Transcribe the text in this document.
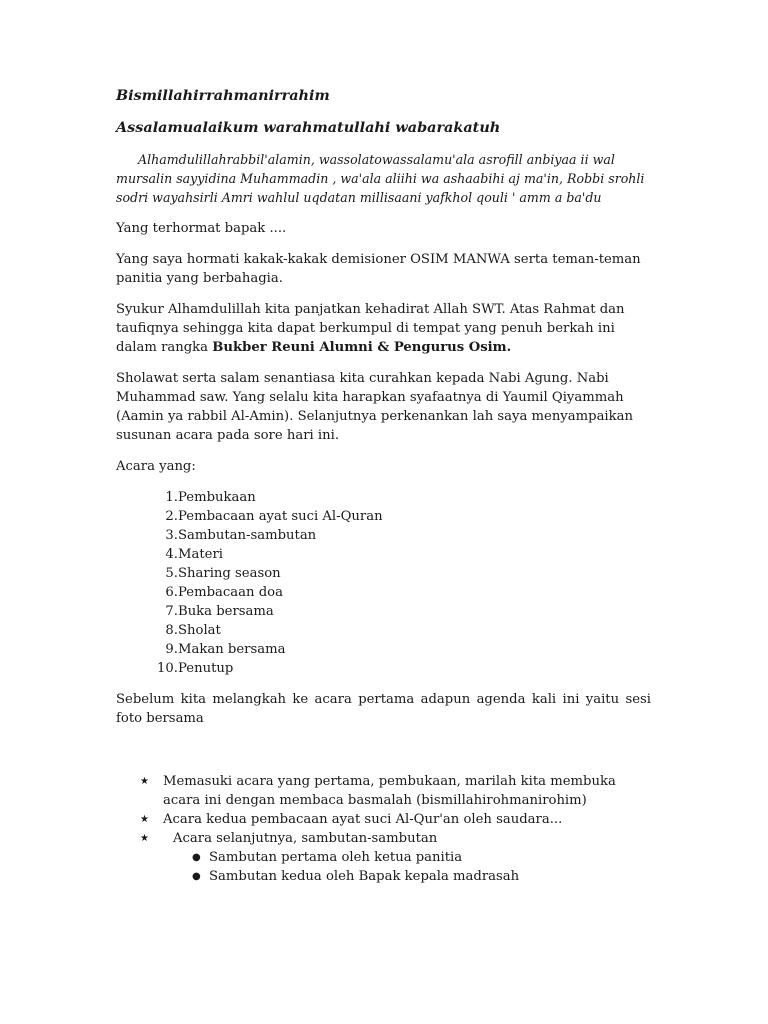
Bismillahirrahmanirrahim

Assalamualaikum warahmatullahi wabarakatuh

Alhamdulillahrabbil'alamin, wassolatowassalamu'ala asrofill anbiyaa ii wal mursalin sayyidina Muhammadin , wa'ala aliihi wa ashaabihi aj ma'in, Robbi srohli sodri wayahsirli Amri wahlul uqdatan millisaani yafkhol qouli ' amm a ba'du

Yang terhormat bapak ....

Yang saya hormati kakak-kakak demisioner OSIM MANWA serta teman-teman panitia yang berbahagia.

Syukur Alhamdulillah kita panjatkan kehadirat Allah SWT. Atas Rahmat dan taufiqnya sehingga kita dapat berkumpul di tempat yang penuh berkah ini dalam rangka Bukber Reuni Alumni & Pengurus Osim.

Sholawat serta salam senantiasa kita curahkan kepada Nabi Agung. Nabi Muhammad saw. Yang selalu kita harapkan syafaatnya di Yaumil Qiyammah (Aamin ya rabbil Al-Amin). Selanjutnya perkenankan lah saya menyampaikan susunan acara pada sore hari ini.

Acara yang:

1. Pembukaan
2. Pembacaan ayat suci Al-Quran
3. Sambutan-sambutan
4. Materi
5. Sharing season
6. Pembacaan doa
7. Buka bersama
8. Sholat
9. Makan bersama
10. Penutup

Sebelum kita melangkah ke acara pertama adapun agenda kali ini yaitu sesi foto bersama

★	Memasuki acara yang pertama, pembukaan, marilah kita membuka acara ini dengan membaca basmalah (bismillahirohmanirohim)
★	Acara kedua pembacaan ayat suci Al-Qur'an oleh saudara...
★	Acara selanjutnya, sambutan-sambutan
● Sambutan pertama oleh ketua panitia
● Sambutan kedua oleh Bapak kepala madrasah
